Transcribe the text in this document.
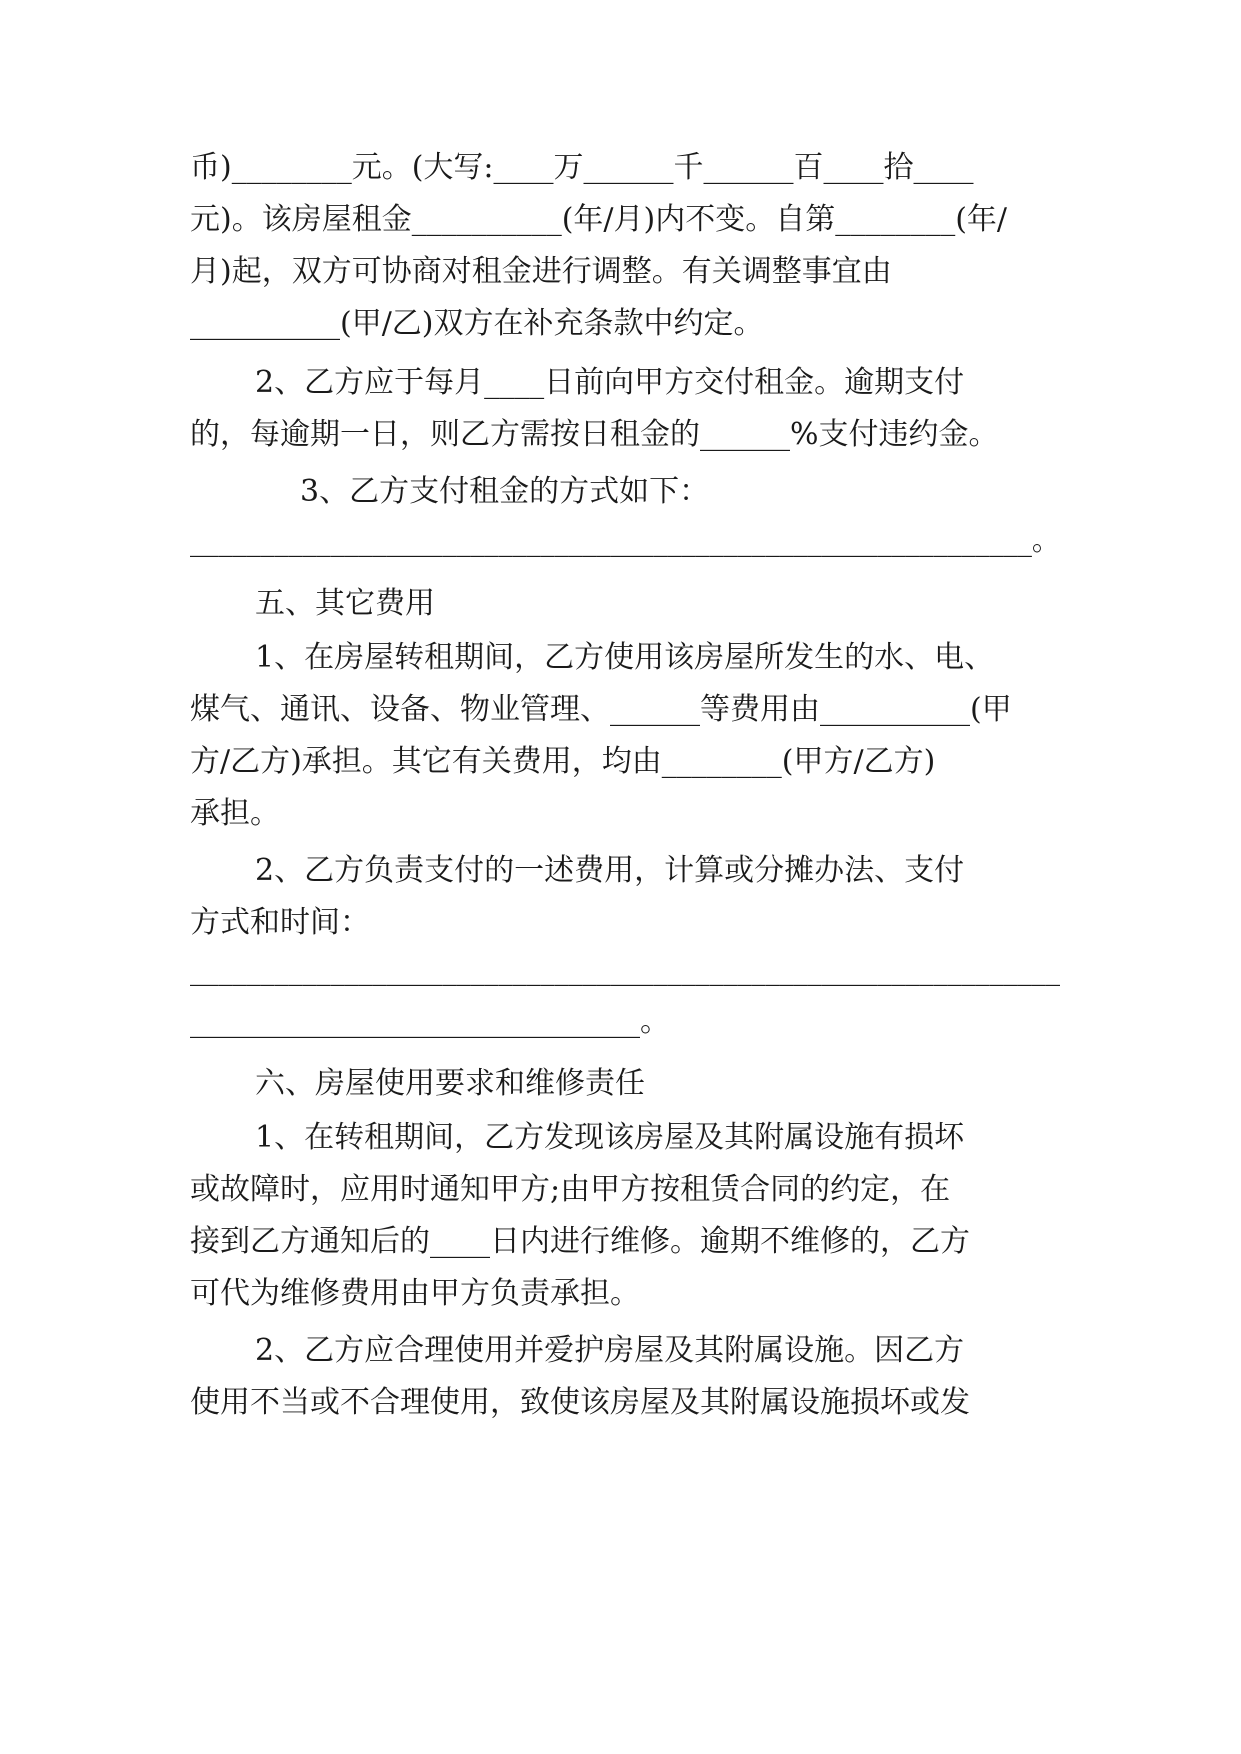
币)________元。(大写:____万______千______百____拾____
元)。该房屋租金__________(年/月)内不变。自第________(年/
月)起，双方可协商对租金进行调整。有关调整事宜由
__________(甲/乙)双方在补充条款中约定。
2、乙方应于每月____日前向甲方交付租金。逾期支付
的，每逾期一日，则乙方需按日租金的______%支付违约金。
3、乙方支付租金的方式如下：
____________________________________________________________。
五、其它费用
1、在房屋转租期间，乙方使用该房屋所发生的水、电、
煤气、通讯、设备、物业管理、______等费用由__________(甲
方/乙方)承担。其它有关费用，均由________(甲方/乙方)
承担。
2、乙方负责支付的一述费用，计算或分摊办法、支付
方式和时间：
______________________________________________________________
______________________________。
六、房屋使用要求和维修责任
1、在转租期间，乙方发现该房屋及其附属设施有损坏
或故障时，应用时通知甲方;由甲方按租赁合同的约定，在
接到乙方通知后的____日内进行维修。逾期不维修的，乙方
可代为维修费用由甲方负责承担。
2、乙方应合理使用并爱护房屋及其附属设施。因乙方
使用不当或不合理使用，致使该房屋及其附属设施损坏或发
